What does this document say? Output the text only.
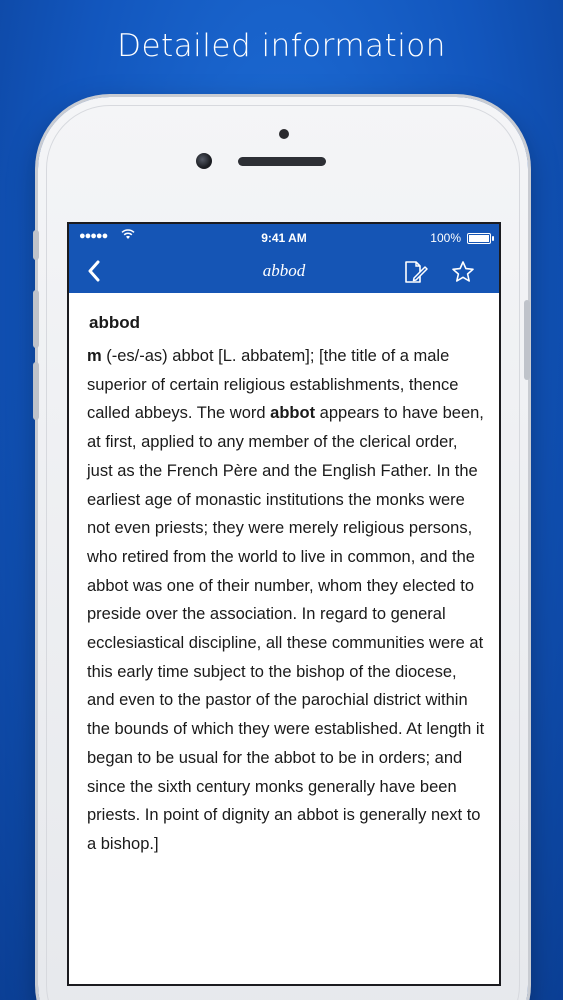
Detailed information
●●●●●	9:41 AM	100%
abbod
abbod

m (-es/-as) abbot [L. abbatem]; [the title of a male superior of certain religious establishments, thence called abbeys. The word abbot appears to have been, at first, applied to any member of the clerical order, just as the French Père and the English Father. In the earliest age of monastic institutions the monks were not even priests; they were merely religious persons, who retired from the world to live in common, and the abbot was one of their number, whom they elected to preside over the association. In regard to general ecclesiastical discipline, all these communities were at this early time subject to the bishop of the diocese, and even to the pastor of the parochial district within the bounds of which they were established. At length it began to be usual for the abbot to be in orders; and since the sixth century monks generally have been priests. In point of dignity an abbot is generally next to a bishop.]
